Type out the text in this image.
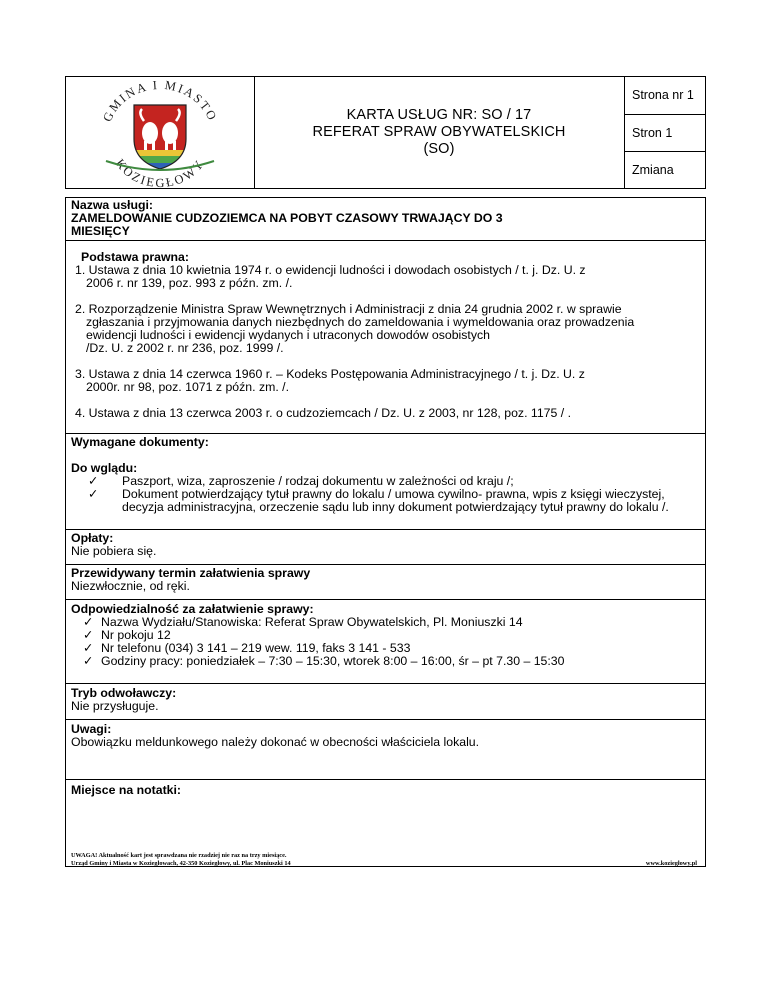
GMINA I MIASTO
KOZIEGŁOWY
KARTA USŁUG NR: SO / 17
REFERAT SPRAW OBYWATELSKICH
(SO)
Strona nr 1
Stron 1
Zmiana
Nazwa usługi:
ZAMELDOWANIE CUDZOZIEMCA NA POBYT CZASOWY TRWAJĄCY DO 3
MIESIĘCY
Podstawa prawna:
1. Ustawa z dnia 10 kwietnia 1974 r. o ewidencji ludności i dowodach osobistych / t. j. Dz. U. z
2006 r. nr 139, poz. 993 z późn. zm. /.
2. Rozporządzenie Ministra Spraw Wewnętrznych i Administracji z dnia 24 grudnia 2002 r. w sprawie
zgłaszania i przyjmowania danych niezbędnych do zameldowania i wymeldowania oraz prowadzenia
ewidencji ludności i ewidencji wydanych i utraconych dowodów osobistych
/Dz. U. z 2002 r. nr 236, poz. 1999 /.
3. Ustawa z dnia 14 czerwca 1960 r. – Kodeks Postępowania Administracyjnego / t. j. Dz. U. z
2000r. nr 98, poz. 1071 z późn. zm. /.
4. Ustawa z dnia 13 czerwca 2003 r. o cudzoziemcach / Dz. U. z 2003, nr 128, poz. 1175 / .
Wymagane dokumenty:
Do wglądu:
✓ Paszport, wiza, zaproszenie / rodzaj dokumentu w zależności od kraju /;
✓ Dokument potwierdzający tytuł prawny do lokalu / umowa cywilno- prawna, wpis z księgi wieczystej,
decyzja administracyjna, orzeczenie sądu lub inny dokument potwierdzający tytuł prawny do lokalu /.
Opłaty:
Nie pobiera się.
Przewidywany termin załatwienia sprawy
Niezwłocznie, od ręki.
Odpowiedzialność za załatwienie sprawy:
✓ Nazwa Wydziału/Stanowiska: Referat Spraw Obywatelskich, Pl. Moniuszki 14
✓ Nr pokoju 12
✓ Nr telefonu (034) 3 141 – 219 wew. 119, faks 3 141 - 533
✓ Godziny pracy: poniedziałek – 7:30 – 15:30, wtorek 8:00 – 16:00, śr – pt 7.30 – 15:30
Tryb odwoławczy:
Nie przysługuje.
Uwagi:
Obowiązku meldunkowego należy dokonać w obecności właściciela lokalu.
Miejsce na notatki:
UWAGA! Aktualność kart jest sprawdzana nie rzadziej nie raz na trzy miesiące.
Urząd Gminy i Miasta w Koziegłowach, 42-350 Koziegłowy, ul. Plac Moniuszki 14	www.koziegłowy.pl
